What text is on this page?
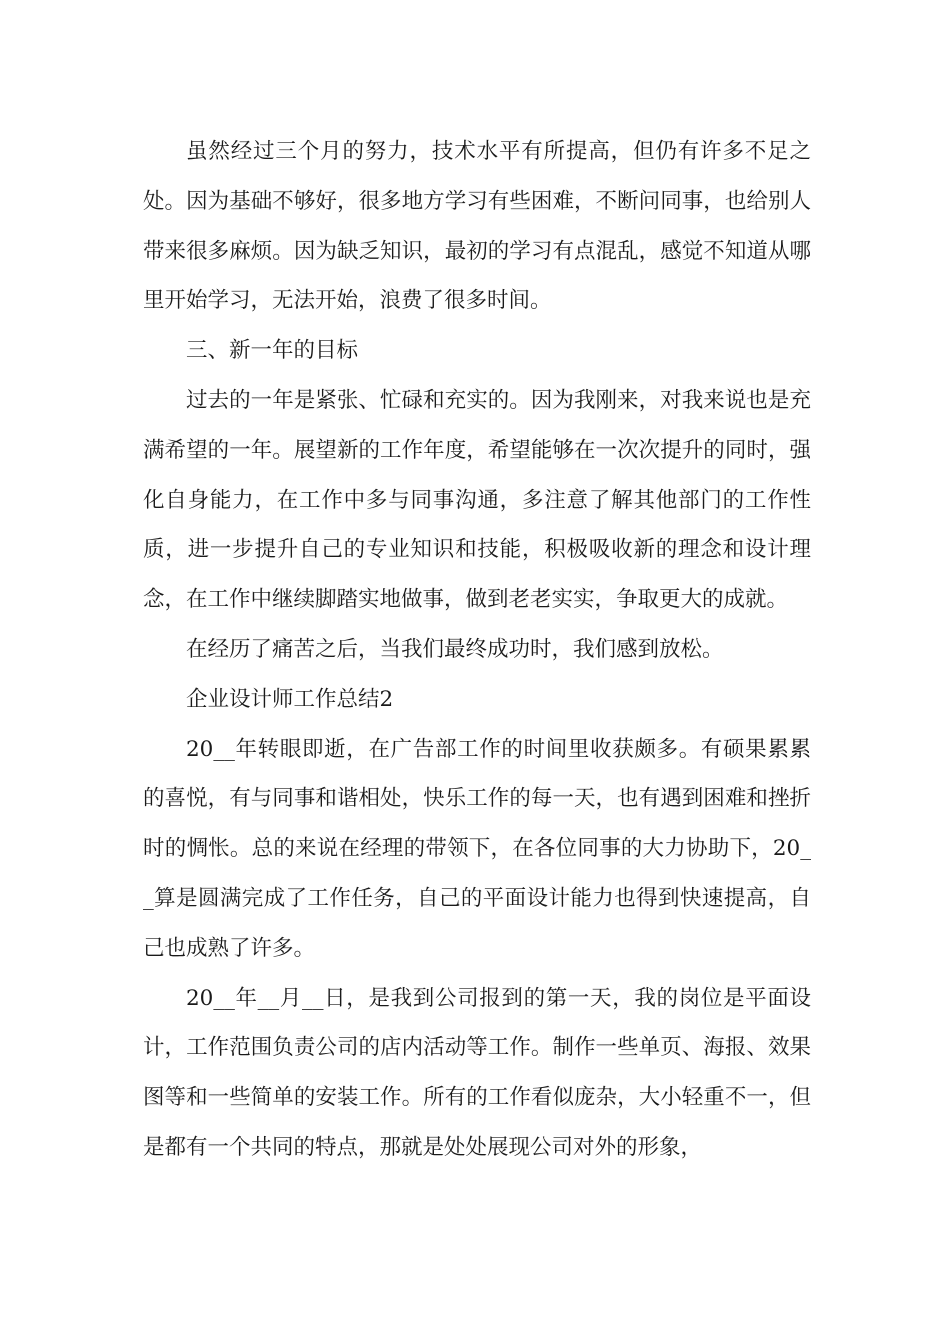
虽然经过三个月的努力，技术水平有所提高，但仍有许多不足之处。因为基础不够好，很多地方学习有些困难，不断问同事，也给别人带来很多麻烦。因为缺乏知识，最初的学习有点混乱，感觉不知道从哪里开始学习，无法开始，浪费了很多时间。

三、新一年的目标

过去的一年是紧张、忙碌和充实的。因为我刚来，对我来说也是充满希望的一年。展望新的工作年度，希望能够在一次次提升的同时，强化自身能力，在工作中多与同事沟通，多注意了解其他部门的工作性质，进一步提升自己的专业知识和技能，积极吸收新的理念和设计理念，在工作中继续脚踏实地做事，做到老老实实，争取更大的成就。

在经历了痛苦之后，当我们最终成功时，我们感到放松。

企业设计师工作总结2

20__年转眼即逝，在广告部工作的时间里收获颇多。有硕果累累的喜悦，有与同事和谐相处，快乐工作的每一天，也有遇到困难和挫折时的惆怅。总的来说在经理的带领下，在各位同事的大力协助下，20__算是圆满完成了工作任务，自己的平面设计能力也得到快速提高，自己也成熟了许多。

20__年__月__日，是我到公司报到的第一天，我的岗位是平面设计，工作范围负责公司的店内活动等工作。制作一些单页、海报、效果图等和一些简单的安装工作。所有的工作看似庞杂，大小轻重不一，但是都有一个共同的特点，那就是处处展现公司对外的形象，
